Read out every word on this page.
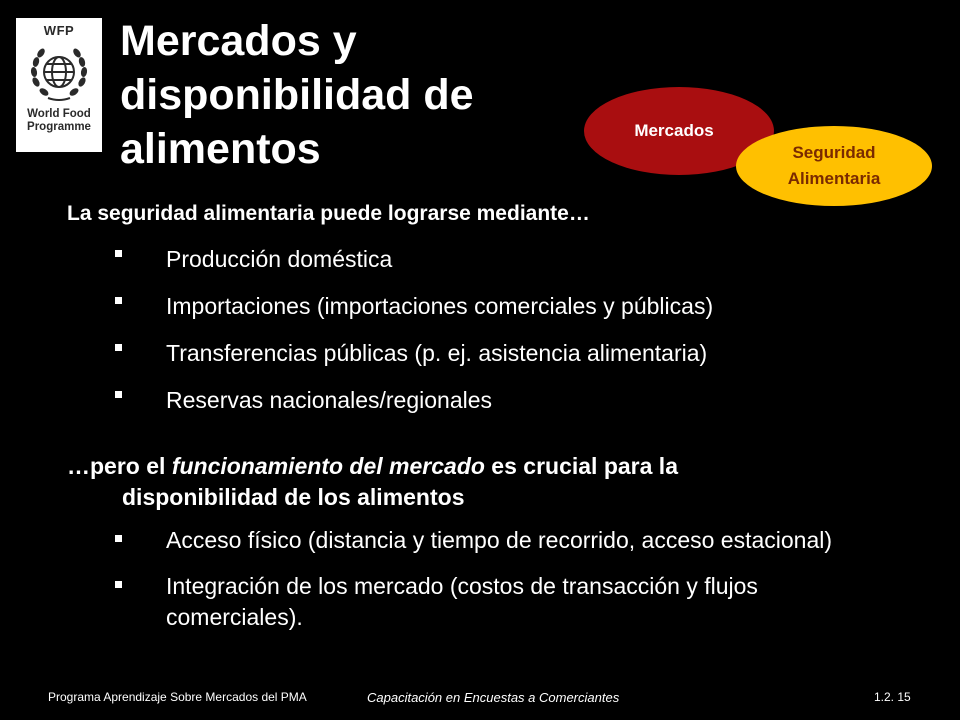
WFP
World Food
Programme
Mercados y
disponibilidad de
alimentos	Mercados
Seguridad
Alimentaria

La seguridad alimentaria puede lograrse mediante…

Producción doméstica
Importaciones (importaciones comerciales y públicas)
Transferencias públicas (p. ej. asistencia alimentaria)
Reservas nacionales/regionales

…pero el funcionamiento del mercado es crucial para la
disponibilidad de los alimentos

Acceso físico (distancia y tiempo de recorrido, acceso estacional)
Integración de los mercado (costos de transacción y flujos comerciales).
Programa Aprendizaje Sobre Mercados del PMA	Capacitación en Encuestas a Comerciantes	1.2. 15
